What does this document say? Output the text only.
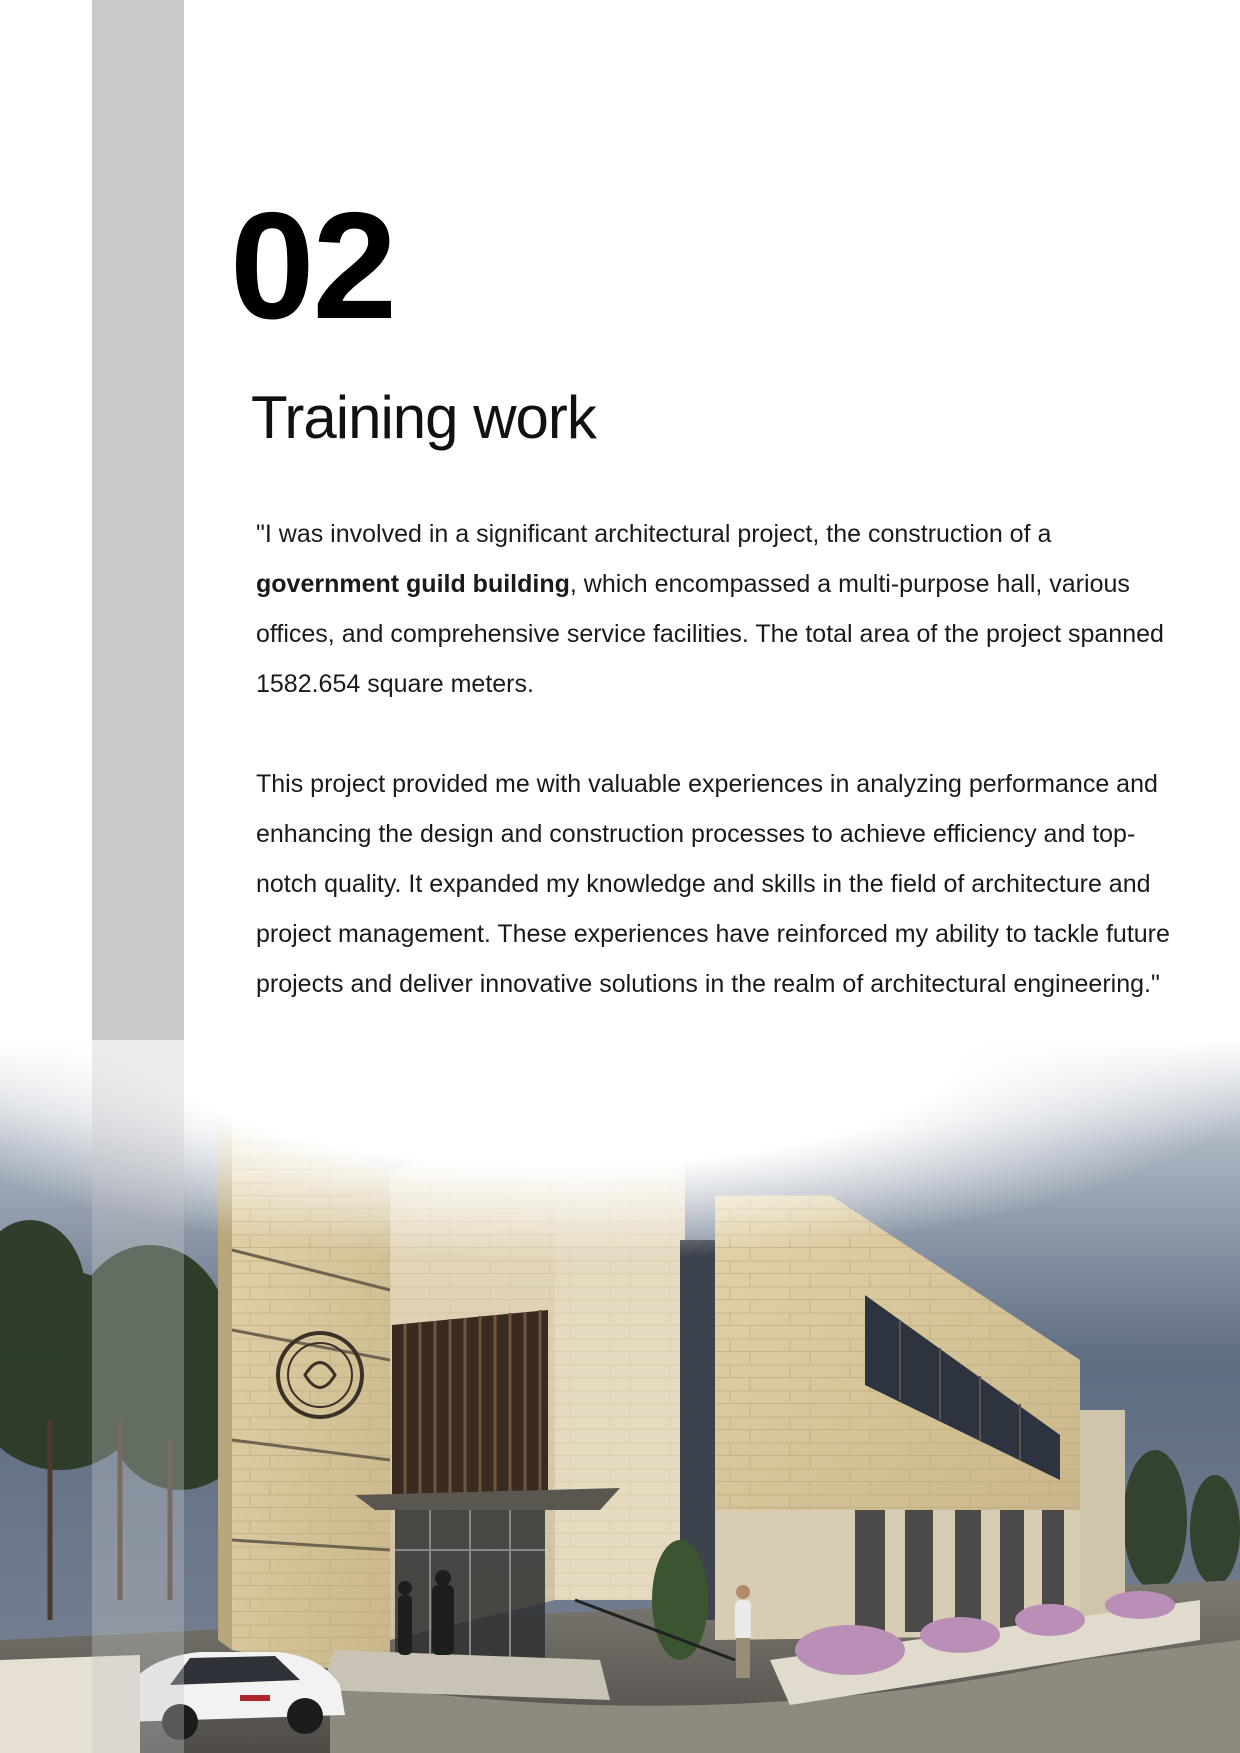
02
Training work

"I was involved in a significant architectural project, the construction of a government guild building, which encompassed a multi-purpose hall, various offices, and comprehensive service facilities. The total area of the project spanned 1582.654 square meters.

This project provided me with valuable experiences in analyzing performance and enhancing the design and construction processes to achieve efficiency and top-notch quality. It expanded my knowledge and skills in the field of architecture and project management. These experiences have reinforced my ability to tackle future projects and deliver innovative solutions in the realm of architectural engineering."
